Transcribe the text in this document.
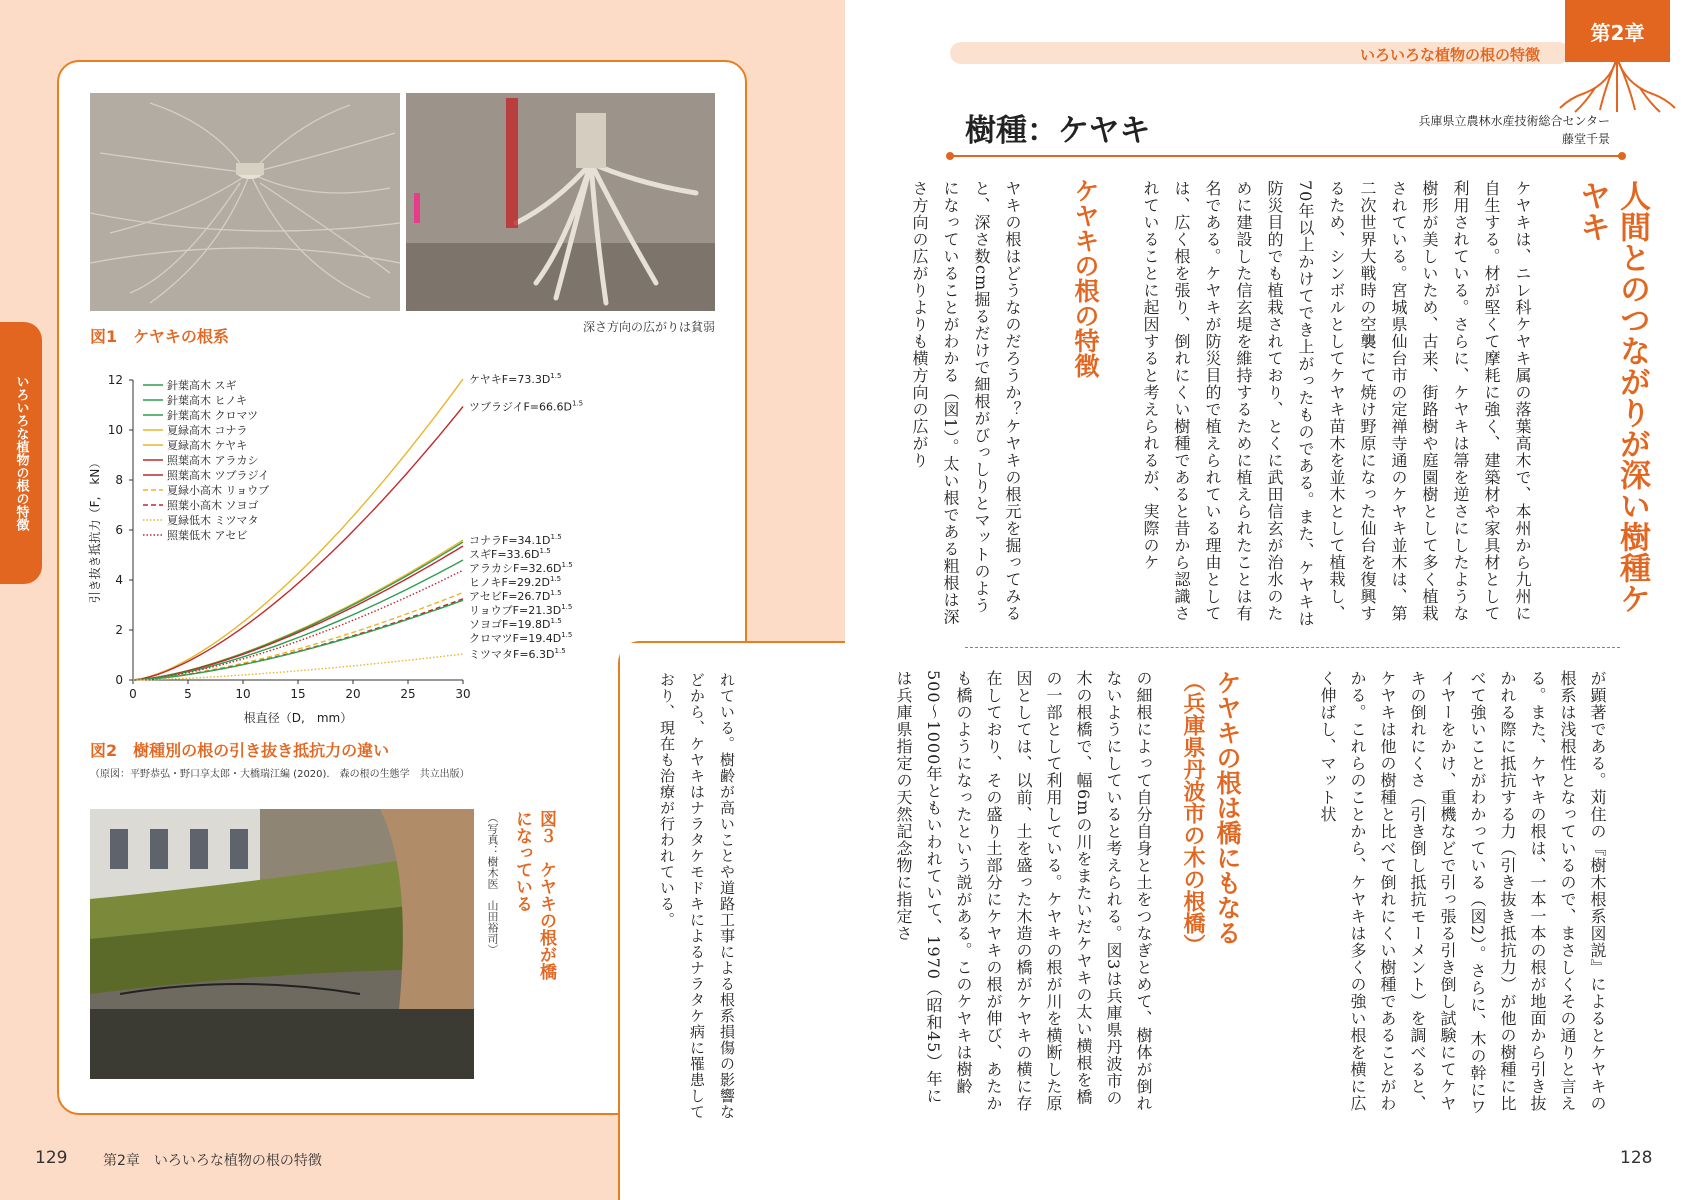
いろいろな植物の根の特徴
深さ方向の広がりは貧弱
図1　ケヤキの根系
0	5	10	15	20	25	30
0
2
4
6
8
10
12
根直径（D,　mm）
引き抜き抵抗力（F,　kN）
ケヤキ$F=73.3D^{1.5}$
ツブラジイ$F=66.6D^{1.5}$
コナラ$F=34.1D^{1.5}$
スギ$F=33.6D^{1.5}$
アラカシ$F=32.6D^{1.5}$
ヒノキ$F=29.2D^{1.5}$
アセビ$F=26.7D^{1.5}$
リョウブ$F=21.3D^{1.5}$
ソヨゴ$F=19.8D^{1.5}$
クロマツ$F=19.4D^{1.5}$
ミツマタ$F=6.3D^{1.5}$
針葉高木 スギ
針葉高木 ヒノキ
針葉高木 クロマツ
夏緑高木 コナラ
夏緑高木 ケヤキ
照葉高木 アラカシ
照葉高木 ツブラジイ
夏緑小高木 リョウブ
照葉小高木 ソヨゴ
夏緑低木 ミツマタ
照葉低木 アセビ
図2　樹種別の根の引き抜き抵抗力の違い
（原図：平野恭弘・野口享太郎・大橋瑞江編 (2020).　森の根の生態学　共立出版）
図３　ケヤキの根が橋になっている
（写真：樹木医　山田裕司）	れている。樹齢が高いことや道路工事による根系損傷の影響などから、ケヤキはナラタケモドキによるナラタケ病に罹患しており、現在も治療が行われている。
129	第2章　いろいろな植物の根の特徴
いろいろな植物の根の特徴
第2章
樹種：ケヤキ	兵庫県立農林水産技術総合センター
藤堂千景
人間とのつながりが深い樹種ケヤキ
ケヤキは、ニレ科ケヤキ属の落葉高木で、本州から九州に自生する。材が堅くて摩耗に強く、建築材や家具材として利用されている。さらに、ケヤキは箒を逆さにしたような樹形が美しいため、古来、街路樹や庭園樹として多く植栽されている。宮城県仙台市の定禅寺通のケヤキ並木は、第二次世界大戦時の空襲にて焼け野原になった仙台を復興するため、シンボルとしてケヤキ苗木を並木として植栽し、70年以上かけてでき上がったものである。また、ケヤキは防災目的でも植栽されており、とくに武田信玄が治水のために建設した信玄堤を維持するために植えられたことは有名である。ケヤキが防災目的で植えられている理由としては、広く根を張り、倒れにくい樹種であると昔から認識されていることに起因すると考えられるが、実際のケ
ケヤキの根の特徴
ケヤキの根は橋にもなる
（兵庫県丹波市の木の根橋）
の細根によって自分自身と土をつなぎとめて、樹体が倒れないようにしていると考えられる。図3は兵庫県丹波市の木の根橋で、幅6mの川をまたいだケヤキの太い横根を橋の一部として利用している。ケヤキの根が川を横断した原因としては、以前、土を盛った木造の橋がケヤキの横に存在しており、その盛り土部分にケヤキの根が伸び、あたかも橋のようになったという説がある。このケヤキは樹齢500～1000年ともいわれていて、1970（昭和45）年には兵庫県指定の天然記念物に指定さ
128
が顕著である。苅住の『樹木根系図説』によるとケヤキの根系は浅根性となっているので、まさしくその通りと言える。また、ケヤキの根は、一本一本の根が地面から引き抜かれる際に抵抗する力（引き抜き抵抗力）が他の樹種に比べて強いことがわかっている（図2）。さらに、木の幹にワイヤーをかけ、重機などで引っ張る引き倒し試験にてケヤキの倒れにくさ（引き倒し抵抗モーメント）を調べると、ケヤキは他の樹種と比べて倒れにくい樹種であることがわかる。これらのことから、ケヤキは多くの強い根を横に広く伸ばし、マット状
ヤキの根はどうなのだろうか？ケヤキの根元を掘ってみると、深さ数cm掘るだけで細根がびっしりとマットのようになっていることがわかる（図1）。太い根である粗根は深さ方向の広がりよりも横方向の広がり
